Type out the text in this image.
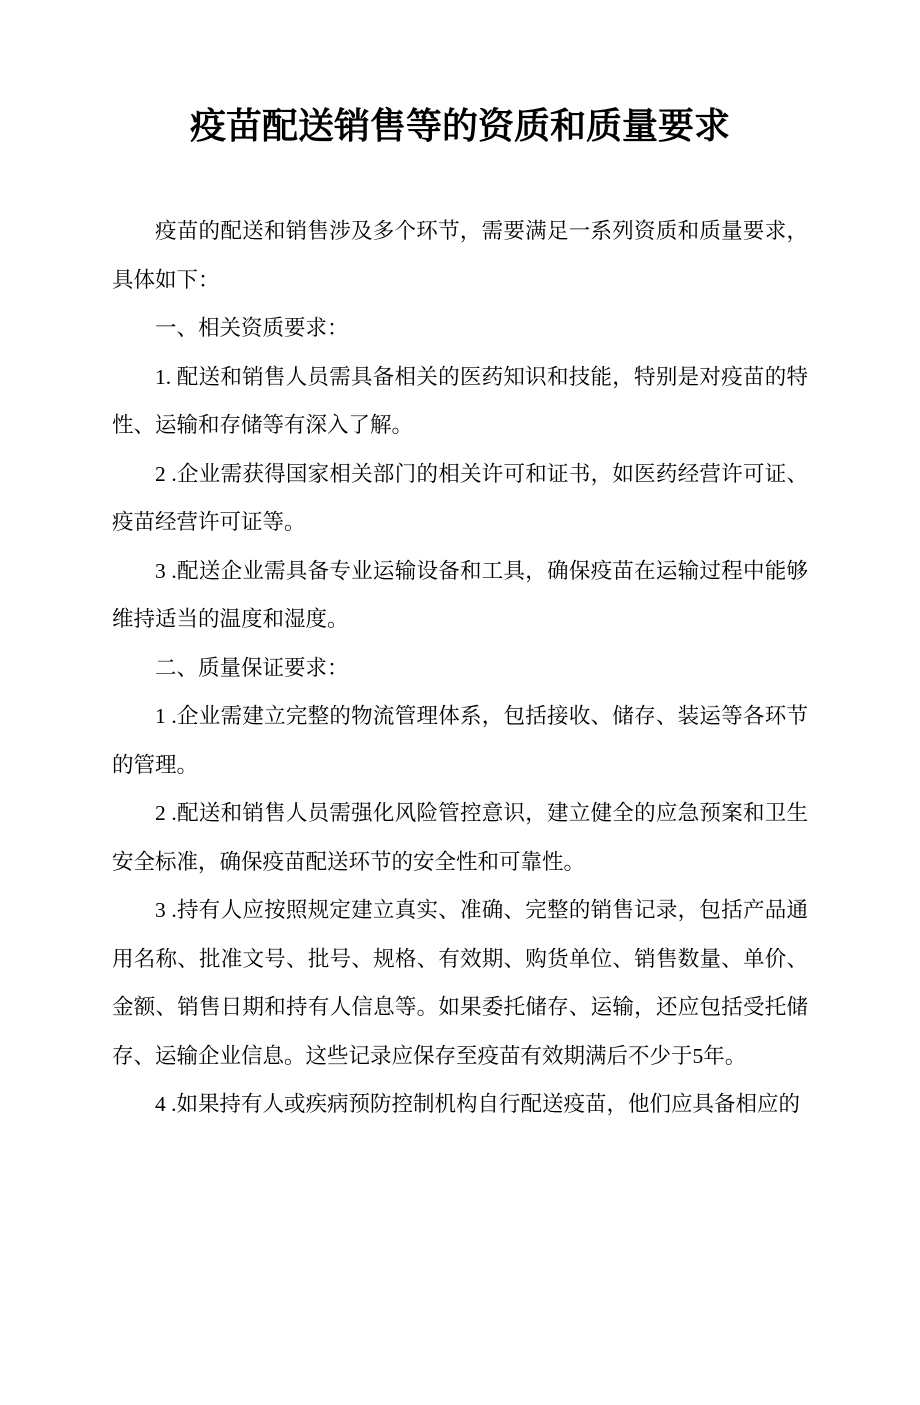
疫苗配送销售等的资质和质量要求

疫苗的配送和销售涉及多个环节，需要满足一系列资质和质量要求，具体如下：

一、相关资质要求：

1. 配送和销售人员需具备相关的医药知识和技能，特别是对疫苗的特性、运输和存储等有深入了解。

2 .企业需获得国家相关部门的相关许可和证书，如医药经营许可证、疫苗经营许可证等。

3 .配送企业需具备专业运输设备和工具，确保疫苗在运输过程中能够维持适当的温度和湿度。

二、质量保证要求：

1 .企业需建立完整的物流管理体系，包括接收、储存、装运等各环节的管理。

2 .配送和销售人员需强化风险管控意识，建立健全的应急预案和卫生安全标准，确保疫苗配送环节的安全性和可靠性。

3 .持有人应按照规定建立真实、准确、完整的销售记录，包括产品通用名称、批准文号、批号、规格、有效期、购货单位、销售数量、单价、金额、销售日期和持有人信息等。如果委托储存、运输，还应包括受托储存、运输企业信息。这些记录应保存至疫苗有效期满后不少于5年。

4 .如果持有人或疾病预防控制机构自行配送疫苗，他们应具备相应的
